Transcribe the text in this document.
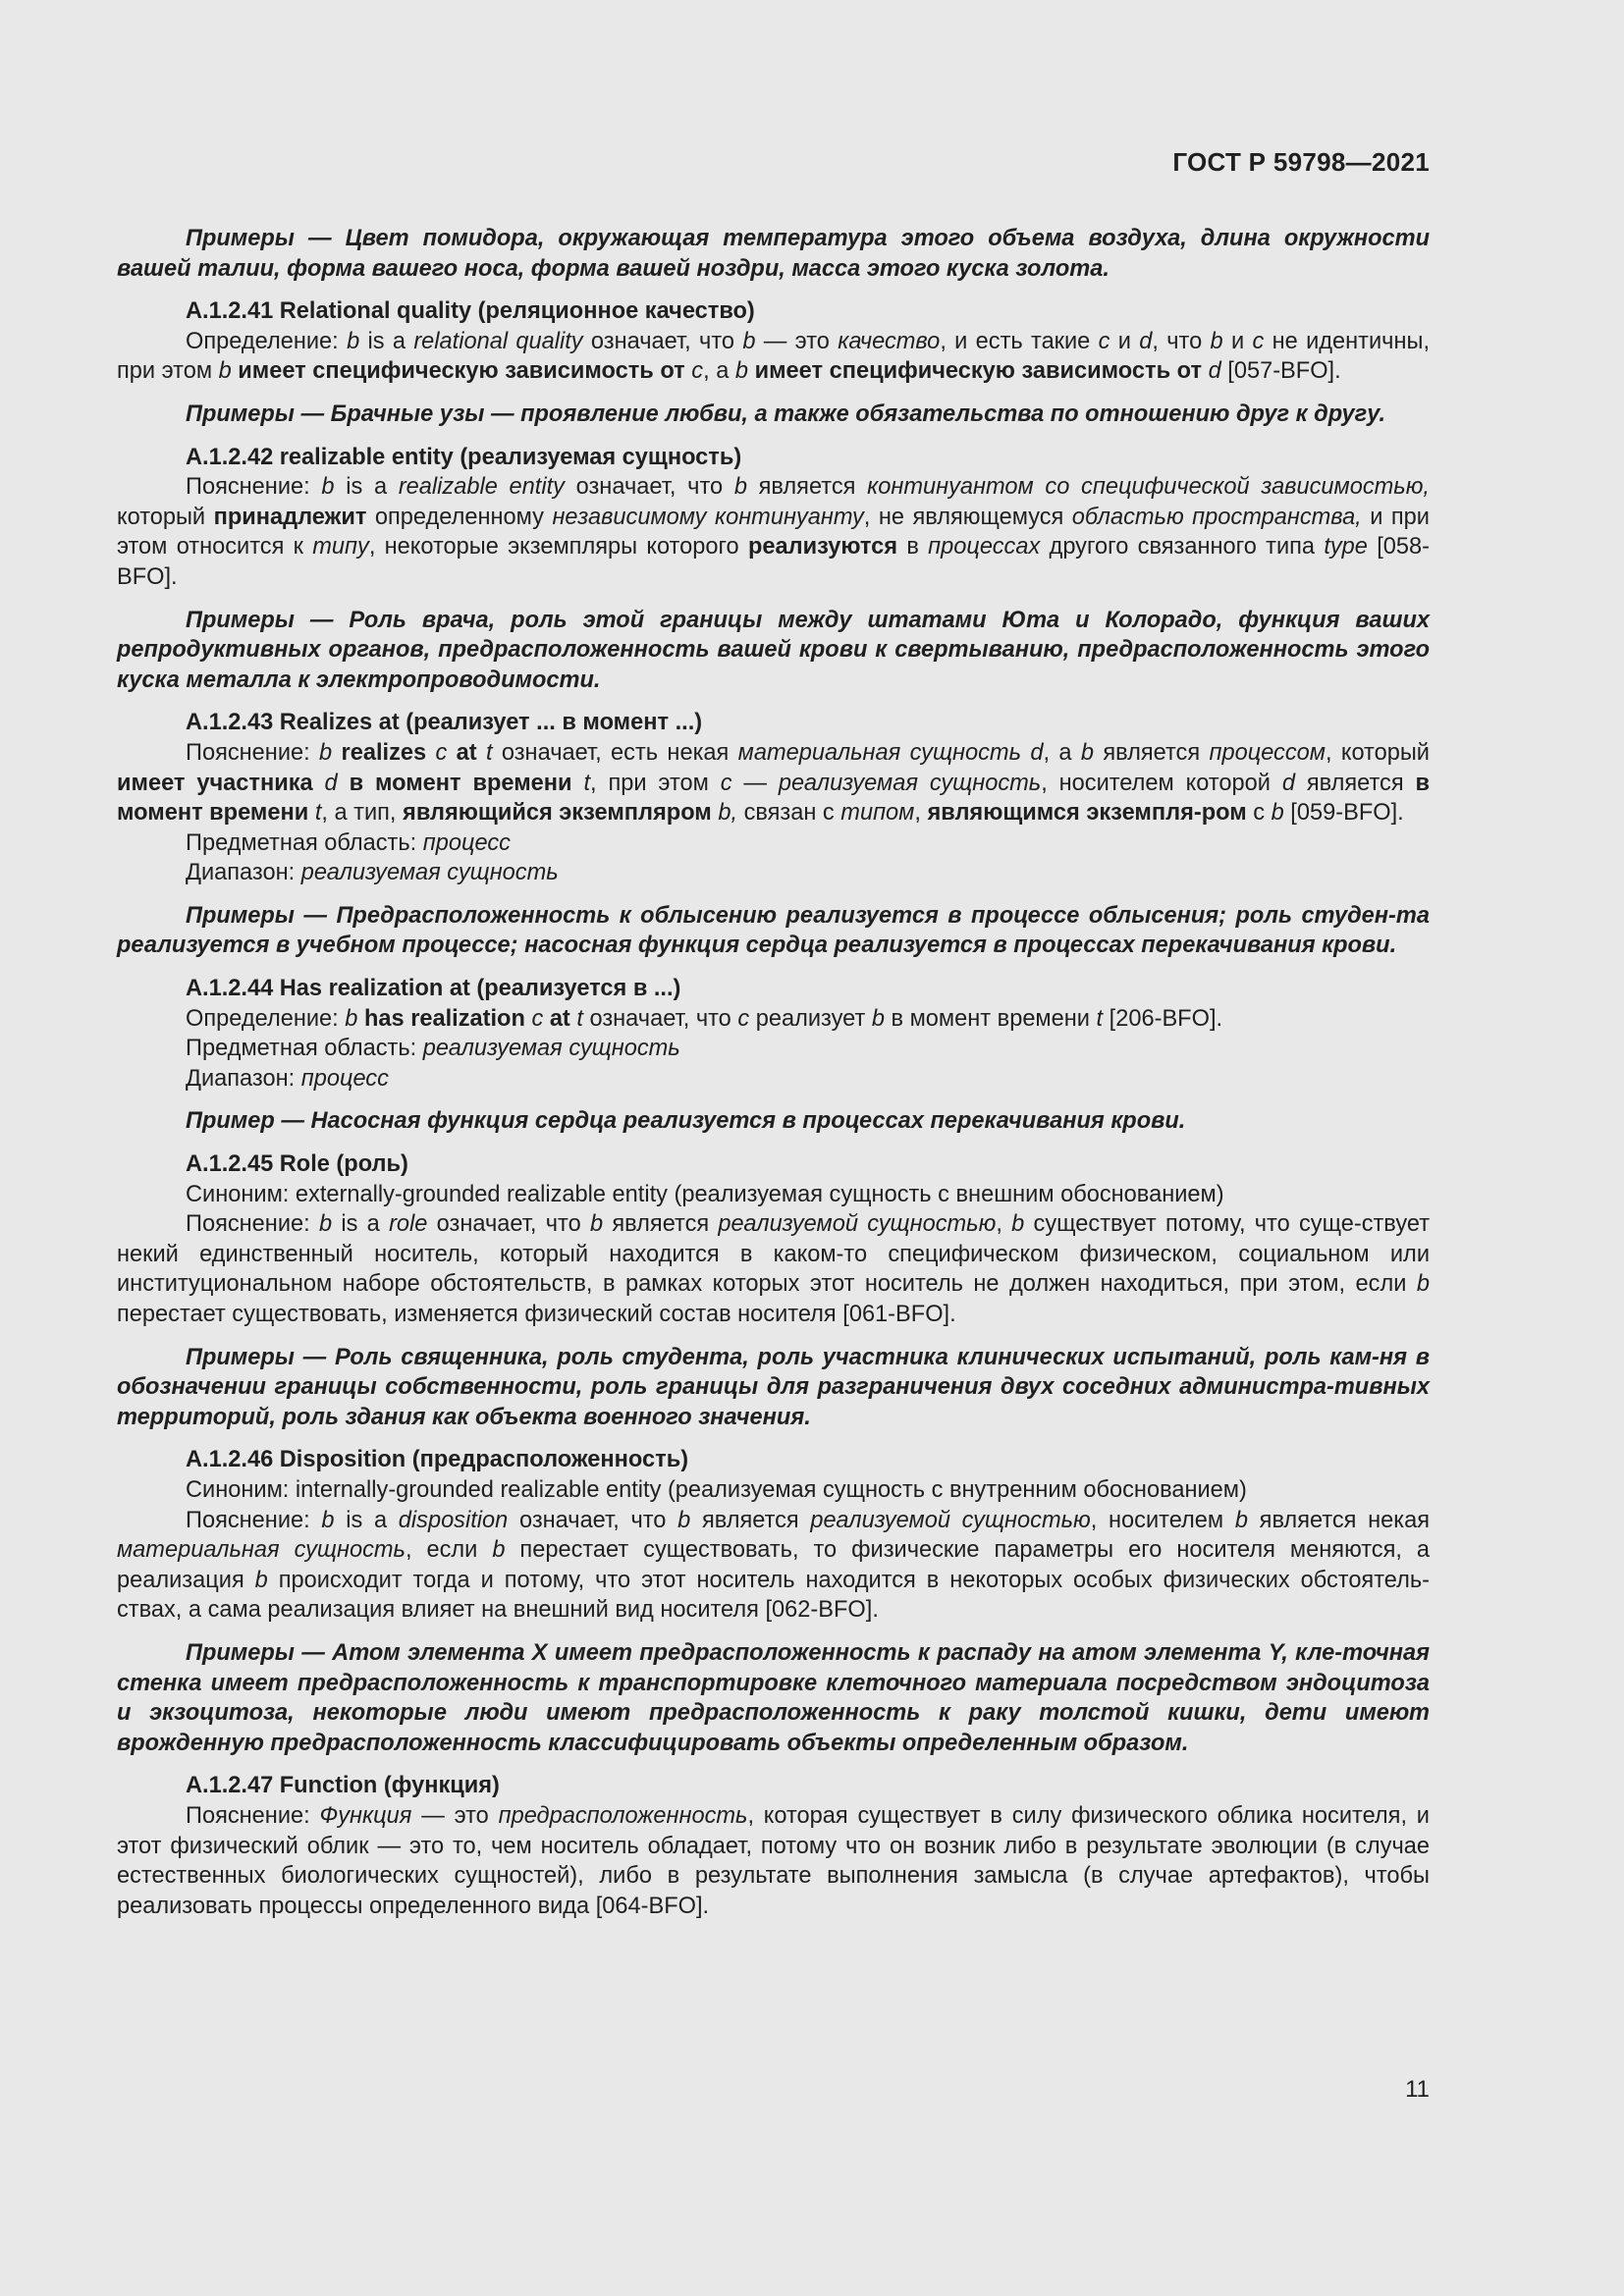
ГОСТ Р 59798—2021

Примеры — Цвет помидора, окружающая температура этого объема воздуха, длина окружности вашей талии, форма вашего носа, форма вашей ноздри, масса этого куска золота.

A.1.2.41 Relational quality (реляционное качество)

Определение: b is a relational quality означает, что b — это качество, и есть такие c и d, что b и c не идентичны, при этом b имеет специфическую зависимость от c, а b имеет специфическую зависимость от d [057-BFO].

Примеры — Брачные узы — проявление любви, а также обязательства по отношению друг к другу.

A.1.2.42 realizable entity (реализуемая сущность)

Пояснение: b is a realizable entity означает, что b является континуантом со специфической зависимостью, который принадлежит определенному независимому континуанту, не являющемуся областью пространства, и при этом относится к типу, некоторые экземпляры которого реализуются в процессах другого связанного типа type [058-BFO].

Примеры — Роль врача, роль этой границы между штатами Юта и Колорадо, функция ваших репродуктивных органов, предрасположенность вашей крови к свертыванию, предрасположенность этого куска металла к электропроводимости.

A.1.2.43 Realizes at (реализует ... в момент ...)

Пояснение: b realizes c at t означает, есть некая материальная сущность d, а b является процессом, который имеет участника d в момент времени t, при этом c — реализуемая сущность, носителем которой d является в момент времени t, а тип, являющийся экземпляром b, связан с типом, являющимся экземпля-ром с b [059-BFO].

Предметная область: процесс

Диапазон: реализуемая сущность

Примеры — Предрасположенность к облысению реализуется в процессе облысения; роль студен-та реализуется в учебном процессе; насосная функция сердца реализуется в процессах перекачивания крови.

A.1.2.44 Has realization at (реализуется в ...)

Определение: b has realization c at t означает, что c реализует b в момент времени t [206-BFO].

Предметная область: реализуемая сущность

Диапазон: процесс

Пример — Насосная функция сердца реализуется в процессах перекачивания крови.

A.1.2.45 Role (роль)

Синоним: externally-grounded realizable entity (реализуемая сущность с внешним обоснованием)

Пояснение: b is a role означает, что b является реализуемой сущностью, b существует потому, что суще-ствует некий единственный носитель, который находится в каком-то специфическом физическом, социальном или институциональном наборе обстоятельств, в рамках которых этот носитель не должен находиться, при этом, если b перестает существовать, изменяется физический состав носителя [061-BFO].

Примеры — Роль священника, роль студента, роль участника клинических испытаний, роль кам-ня в обозначении границы собственности, роль границы для разграничения двух соседних администра-тивных территорий, роль здания как объекта военного значения.

A.1.2.46 Disposition (предрасположенность)

Синоним: internally-grounded realizable entity (реализуемая сущность с внутренним обоснованием)

Пояснение: b is a disposition означает, что b является реализуемой сущностью, носителем b является некая материальная сущность, если b перестает существовать, то физические параметры его носителя меняются, а реализация b происходит тогда и потому, что этот носитель находится в некоторых особых физических обстоятель-ствах, а сама реализация влияет на внешний вид носителя [062-BFO].

Примеры — Атом элемента X имеет предрасположенность к распаду на атом элемента Y, кле-точная стенка имеет предрасположенность к транспортировке клеточного материала посредством эндоцитоза и экзоцитоза, некоторые люди имеют предрасположенность к раку толстой кишки, дети имеют врожденную предрасположенность классифицировать объекты определенным образом.

A.1.2.47 Function (функция)

Пояснение: Функция — это предрасположенность, которая существует в силу физического облика носителя, и этот физический облик — это то, чем носитель обладает, потому что он возник либо в результате эволюции (в случае естественных биологических сущностей), либо в результате выполнения замысла (в случае артефактов), чтобы реализовать процессы определенного вида [064-BFO].

11
